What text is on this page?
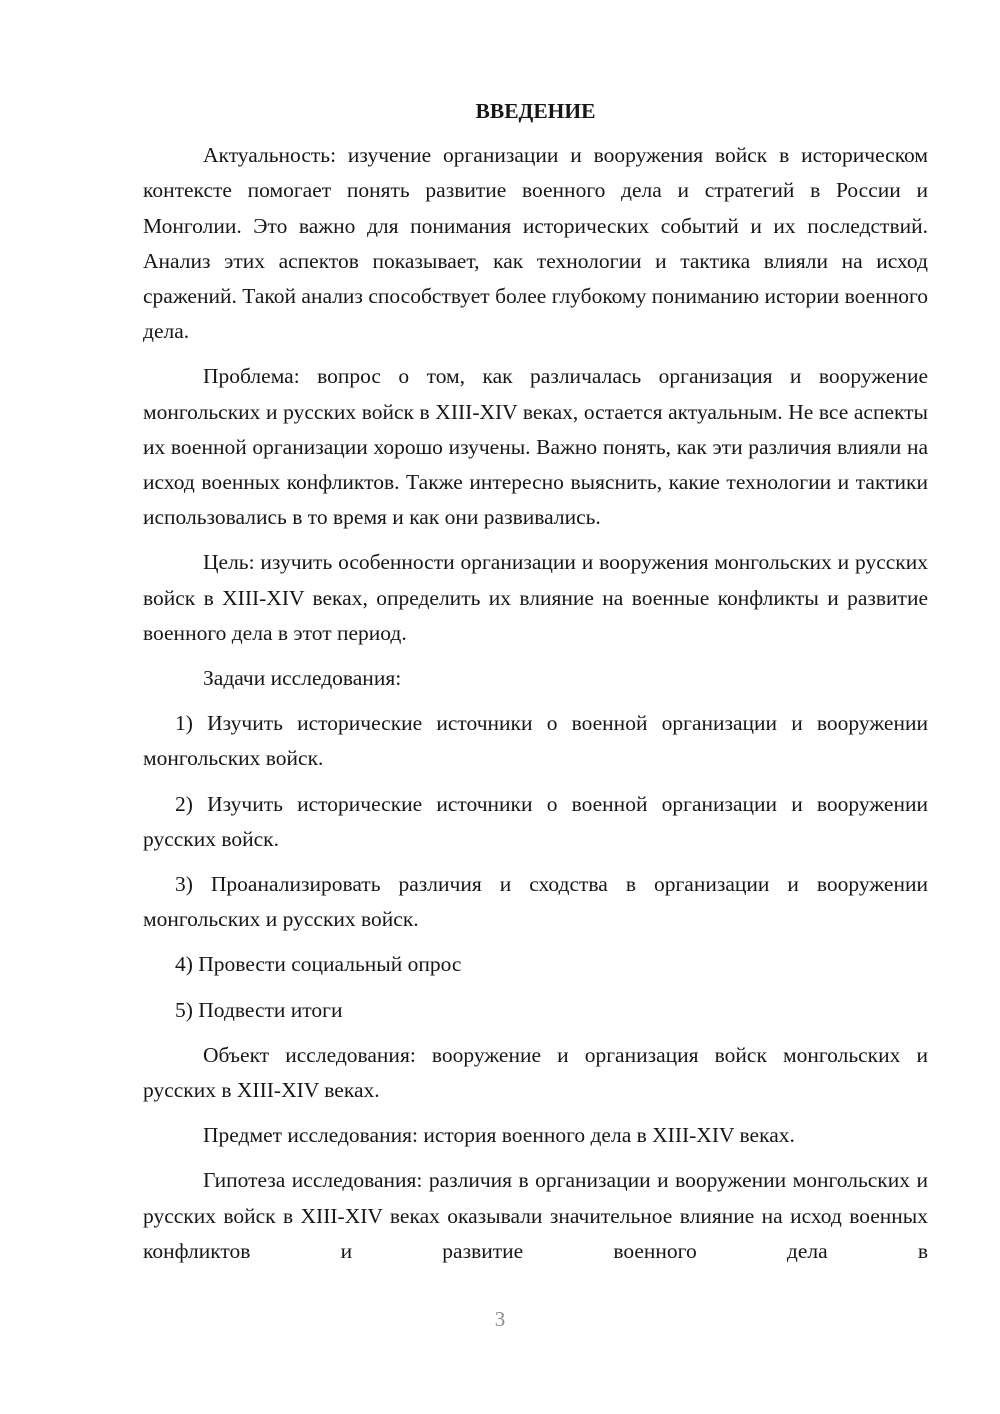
ВВЕДЕНИЕ

Актуальность: изучение организации и вооружения войск в историческом контексте помогает понять развитие военного дела и стратегий в России и Монголии. Это важно для понимания исторических событий и их последствий. Анализ этих аспектов показывает, как технологии и тактика влияли на исход сражений. Такой анализ способствует более глубокому пониманию истории военного дела.

Проблема: вопрос о том, как различалась организация и вооружение монгольских и русских войск в XIII-XIV веках, остается актуальным. Не все аспекты их военной организации хорошо изучены. Важно понять, как эти различия влияли на исход военных конфликтов. Также интересно выяснить, какие технологии и тактики использовались в то время и как они развивались.

Цель: изучить особенности организации и вооружения монгольских и русских войск в XIII-XIV веках, определить их влияние на военные конфликты и развитие военного дела в этот период.

Задачи исследования:

1) Изучить исторические источники о военной организации и вооружении монгольских войск.

2) Изучить исторические источники о военной организации и вооружении русских войск.

3) Проанализировать различия и сходства в организации и вооружении монгольских и русских войск.

4) Провести социальный опрос

5) Подвести итоги

Объект исследования: вооружение и организация войск монгольских и русских в XIII-XIV веках.

Предмет исследования: история военного дела в XIII-XIV веках.

Гипотеза исследования: различия в организации и вооружении монгольских и русских войск в XIII-XIV веках оказывали значительное влияние на исход военных конфликтов и развитие военного дела в

3
